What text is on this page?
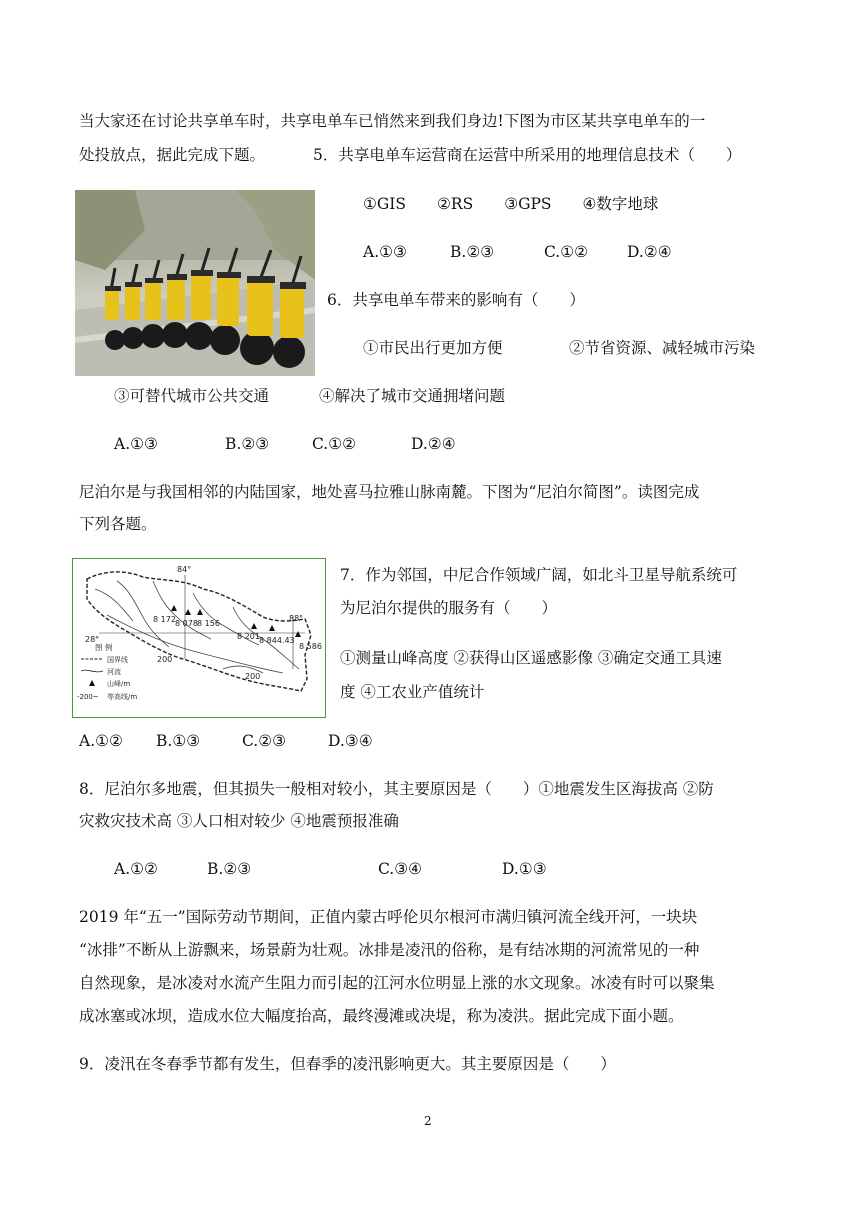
当大家还在讨论共享单车时，共享电单车已悄然来到我们身边!下图为市区某共享电单车的一
处投放点，据此完成下题。	5．共享电单车运营商在运营中所采用的地理信息技术（　　）
①GIS　　②RS　　③GPS　　④数字地球
A.①③	B.②③	C.①②	D.②④
6．共享电单车带来的影响有（　　）
①市民出行更加方便	②节省资源、减轻城市污染
③可替代城市公共交通	④解决了城市交通拥堵问题
A.①③	B.②③	C.①②	D.②④
尼泊尔是与我国相邻的内陆国家，地处喜马拉雅山脉南麓。下图为“尼泊尔简图”。读图完成
下列各题。
84°
88°
28°
8 172 8 078 8 156
8 201 8 844.43
8 586
200
200
图 例
国界线
河流
山峰/m
-200~ 等高线/m
7．作为邻国，中尼合作领域广阔，如北斗卫星导航系统可
为尼泊尔提供的服务有（　　）
①测量山峰高度 ②获得山区遥感影像 ③确定交通工具速
度 ④工农业产值统计
A.①② B.①③	C.②③	D.③④
8．尼泊尔多地震，但其损失一般相对较小，其主要原因是（　　）①地震发生区海拔高 ②防
灾救灾技术高 ③人口相对较少 ④地震预报准确
A.①②	B.②③	C.③④	D.①③
2019 年“五一”国际劳动节期间，正值内蒙古呼伦贝尔根河市满归镇河流全线开河，一块块
“冰排”不断从上游飘来，场景蔚为壮观。冰排是凌汛的俗称，是有结冰期的河流常见的一种
自然现象，是冰凌对水流产生阻力而引起的江河水位明显上涨的水文现象。冰凌有时可以聚集
成冰塞或冰坝，造成水位大幅度抬高，最终漫滩或决堤，称为凌洪。据此完成下面小题。
9．凌汛在冬春季节都有发生，但春季的凌汛影响更大。其主要原因是（　　）
2
